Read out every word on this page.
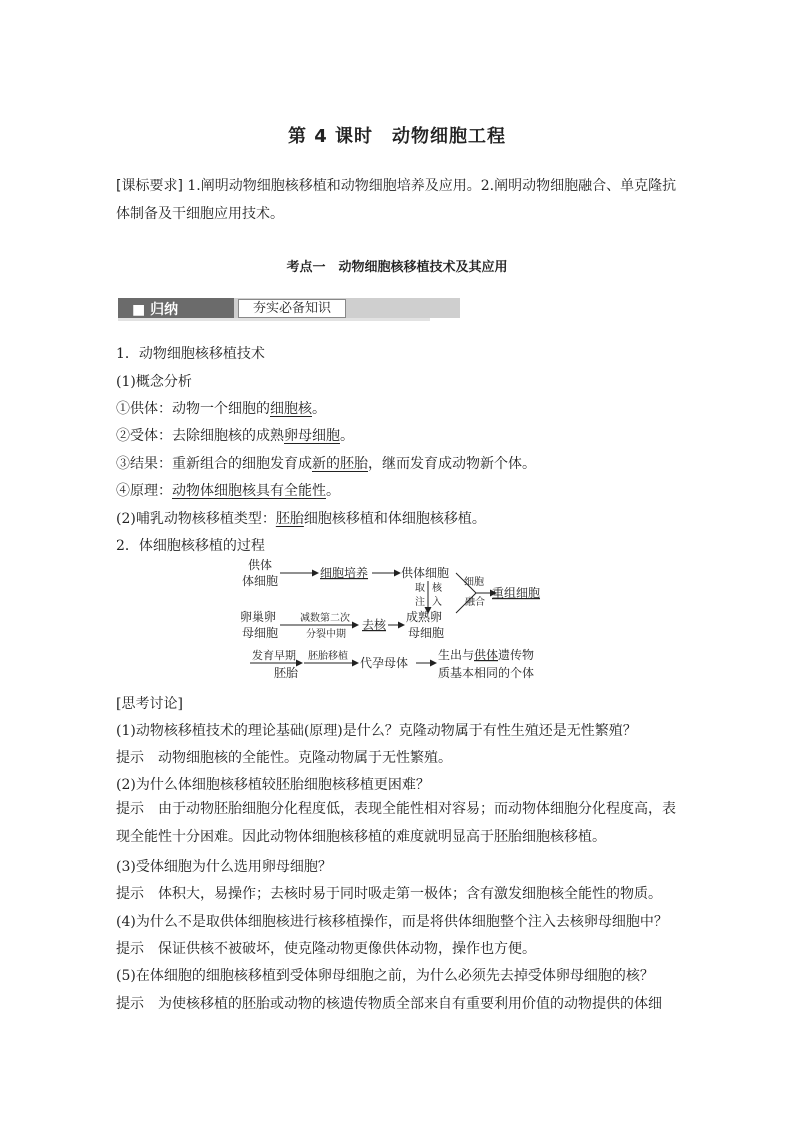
第 4 课时　动物细胞工程
[课标要求] 1.阐明动物细胞核移植和动物细胞培养及应用。2.阐明动物细胞融合、单克隆抗体制备及干细胞应用技术。
考点一　动物细胞核移植技术及其应用
■ 归纳	夯实必备知识
1．动物细胞核移植技术
(1)概念分析
①供体：动物一个细胞的细胞核。
②受体：去除细胞核的成熟卵母细胞。
③结果：重新组合的细胞发育成新的胚胎，继而发育成动物新个体。
④原理：动物体细胞核具有全能性。
(2)哺乳动物核移植类型：胚胎细胞核移植和体细胞核移植。
2．体细胞核移植的过程
供体
体细胞
细胞培养	供体细胞
取
注
核
入
细胞
融合
重组细胞
卵巢卵
母细胞
减数第二次
分裂中期
去核
成熟卵
母细胞
发育早期
胚胎
胚胎移植 代孕母体
生出与供体遗传物
质基本相同的个体
[思考讨论]
(1)动物核移植技术的理论基础(原理)是什么？克隆动物属于有性生殖还是无性繁殖？
提示　动物细胞核的全能性。克隆动物属于无性繁殖。
(2)为什么体细胞核移植较胚胎细胞核移植更困难？
提示　由于动物胚胎细胞分化程度低，表现全能性相对容易；而动物体细胞分化程度高，表现全能性十分困难。因此动物体细胞核移植的难度就明显高于胚胎细胞核移植。
(3)受体细胞为什么选用卵母细胞？
提示　体积大，易操作；去核时易于同时吸走第一极体；含有激发细胞核全能性的物质。
(4)为什么不是取供体细胞核进行核移植操作，而是将供体细胞整个注入去核卵母细胞中？
提示　保证供核不被破坏，使克隆动物更像供体动物，操作也方便。
(5)在体细胞的细胞核移植到受体卵母细胞之前，为什么必须先去掉受体卵母细胞的核？
提示　为使核移植的胚胎或动物的核遗传物质全部来自有重要利用价值的动物提供的体细
